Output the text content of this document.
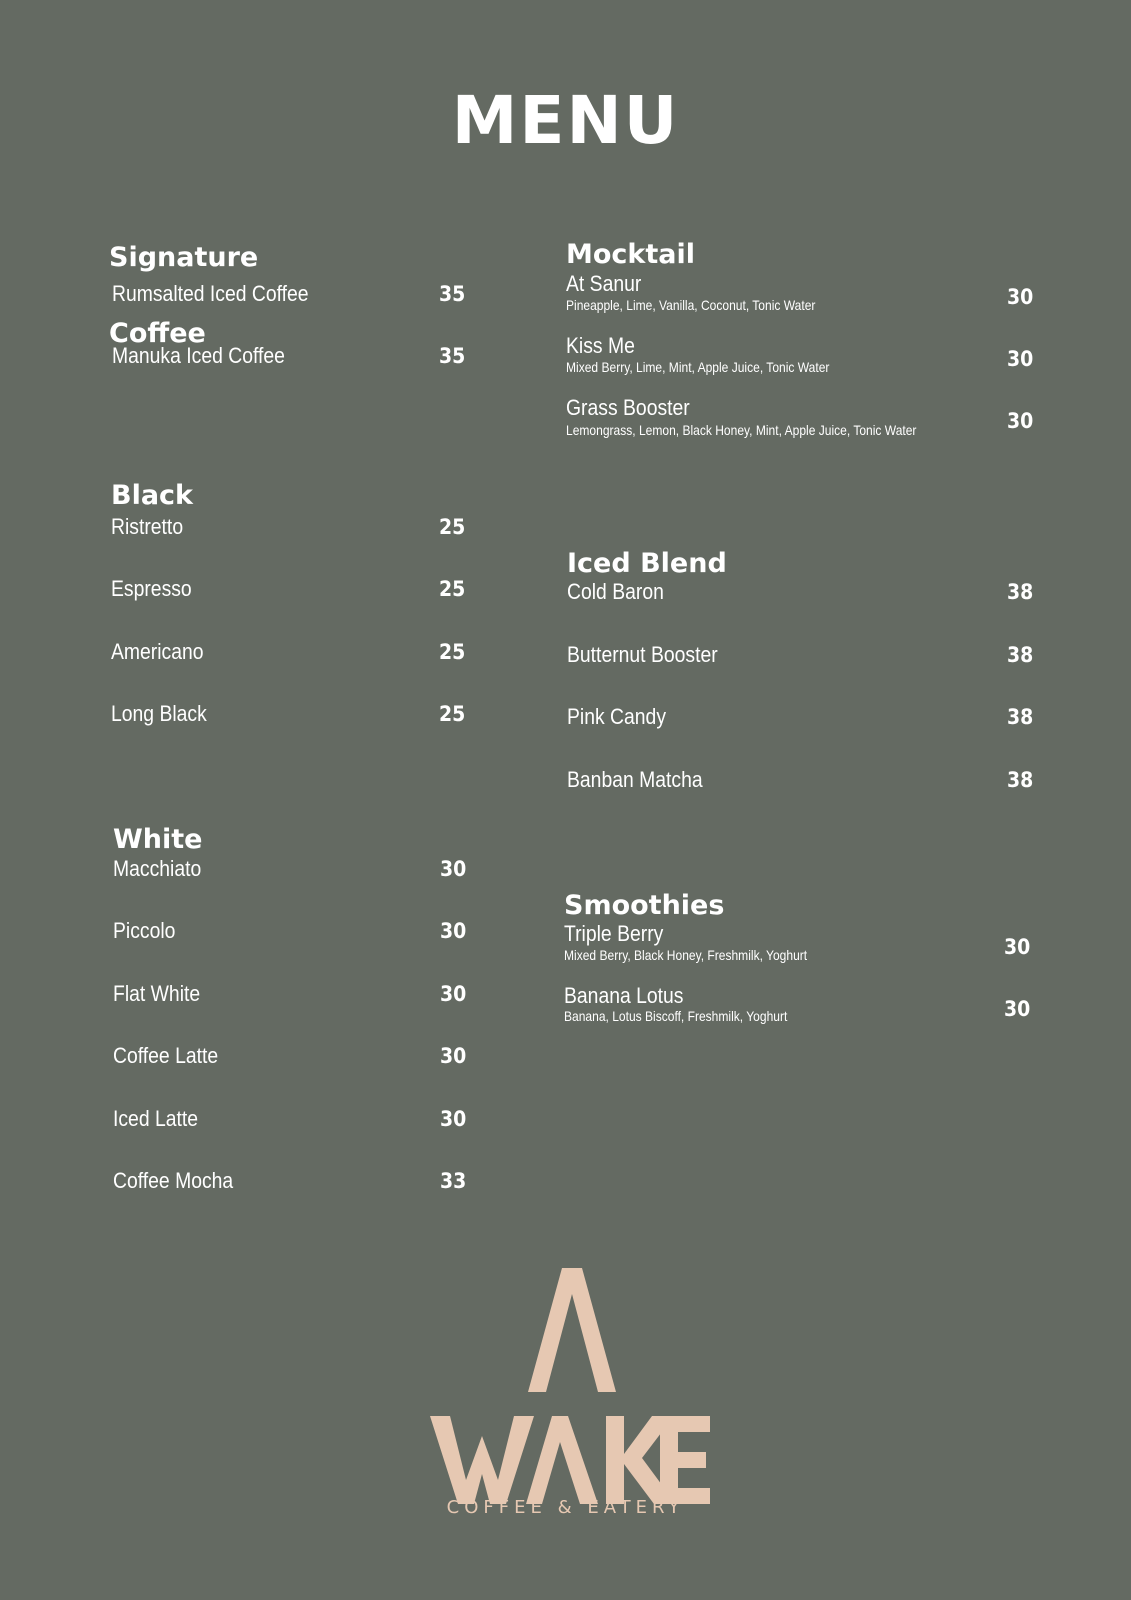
MENU
Signature
Coffee
Rumsalted Iced Coffee	35
Manuka Iced Coffee	35
Black
Ristretto	25
Espresso	25
Americano	25
Long Black	25
White
Macchiato	30
Piccolo	30
Flat White	30
Coffee Latte	30
Iced Latte	30
Coffee Mocha	33
Mocktail
At Sanur
Pineapple, Lime, Vanilla, Coconut, Tonic Water	30
Kiss Me
Mixed Berry, Lime, Mint, Apple Juice, Tonic Water	30
Grass Booster
Lemongrass, Lemon, Black Honey, Mint, Apple Juice, Tonic Water	30
Iced Blend
Cold Baron	38
Butternut Booster	38
Pink Candy	38
Banban Matcha	38
Smoothies
Triple Berry
Mixed Berry, Black Honey, Freshmilk, Yoghurt	30
Banana Lotus
Banana, Lotus Biscoff, Freshmilk, Yoghurt	30
COFFEE & EATERY
